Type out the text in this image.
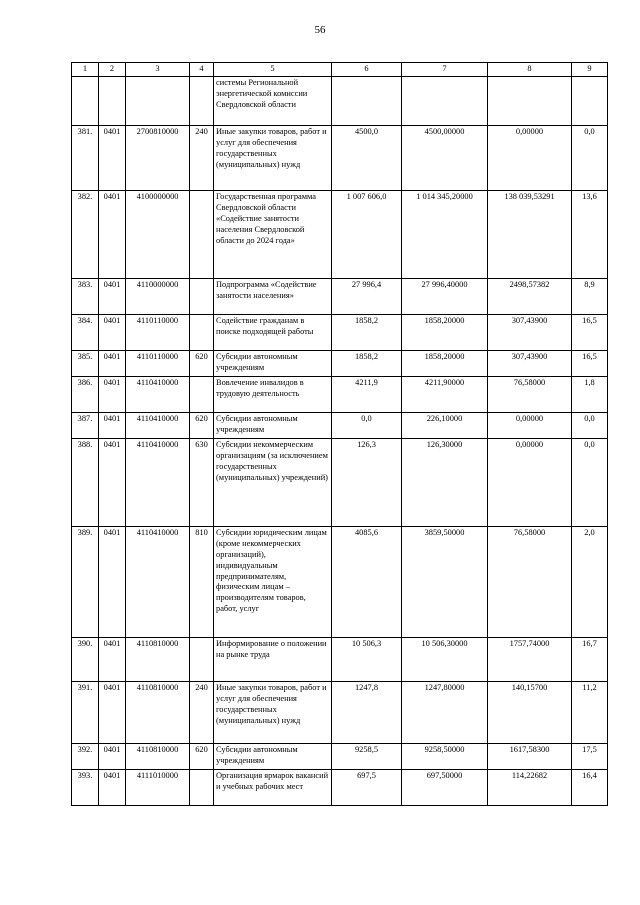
56
1	2	3	4	5	6	7	8	9
				системы Региональной энергетической комиссии Свердловской области				
381.	0401	2700810000	240	Иные закупки товаров, работ и услуг для обеспечения государственных (муниципальных) нужд	4500,0	4500,00000	0,00000	0,0
382.	0401	4100000000		Государственная программа Свердловской области «Содействие занятости населения Свердловской области до 2024 года»	1 007 606,0	1 014 345,20000	138 039,53291	13,6
383.	0401	4110000000		Подпрограмма «Содействие занятости населения»	27 996,4	27 996,40000	2498,57382	8,9
384.	0401	4110110000		Содействие гражданам в поиске подходящей работы	1858,2	1858,20000	307,43900	16,5
385.	0401	4110110000	620	Субсидии автономным учреждениям	1858,2	1858,20000	307,43900	16,5
386.	0401	4110410000		Вовлечение инвалидов в трудовую деятельность	4211,9	4211,90000	76,58000	1,8
387.	0401	4110410000	620	Субсидии автономным учреждениям	0,0	226,10000	0,00000	0,0
388.	0401	4110410000	630	Субсидии некоммерческим организациям (за исключением государственных (муниципальных) учреждений)	126,3	126,30000	0,00000	0,0
389.	0401	4110410000	810	Субсидии юридическим лицам (кроме некоммерческих организаций), индивидуальным предпринимателям, физическим лицам – производителям товаров, работ, услуг	4085,6	3859,50000	76,58000	2,0
390.	0401	4110810000		Информирование о положении на рынке труда	10 506,3	10 506,30000	1757,74000	16,7
391.	0401	4110810000	240	Иные закупки товаров, работ и услуг для обеспечения государственных (муниципальных) нужд	1247,8	1247,80000	140,15700	11,2
392.	0401	4110810000	620	Субсидии автономным учреждениям	9258,5	9258,50000	1617,58300	17,5
393.	0401	4111010000		Организация ярмарок вакансий и учебных рабочих мест	697,5	697,50000	114,22682	16,4
